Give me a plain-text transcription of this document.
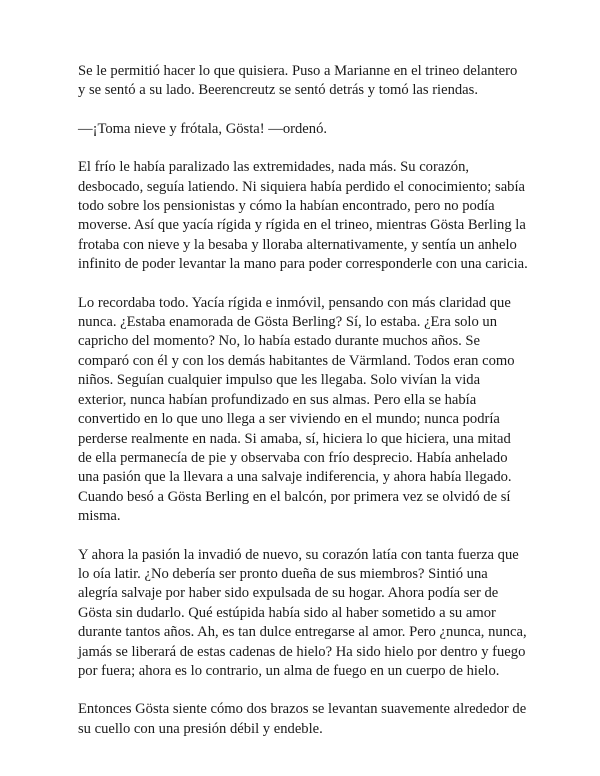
Se le permitió hacer lo que quisiera. Puso a Marianne en el trineo delantero y se sentó a su lado. Beerencreutz se sentó detrás y tomó las riendas.

—¡Toma nieve y frótala, Gösta! —ordenó.

El frío le había paralizado las extremidades, nada más. Su corazón, desbocado, seguía latiendo. Ni siquiera había perdido el conocimiento; sabía todo sobre los pensionistas y cómo la habían encontrado, pero no podía moverse. Así que yacía rígida y rígida en el trineo, mientras Gösta Berling la frotaba con nieve y la besaba y lloraba alternativamente, y sentía un anhelo infinito de poder levantar la mano para poder corresponderle con una caricia.

Lo recordaba todo. Yacía rígida e inmóvil, pensando con más claridad que nunca. ¿Estaba enamorada de Gösta Berling? Sí, lo estaba. ¿Era solo un capricho del momento? No, lo había estado durante muchos años. Se comparó con él y con los demás habitantes de Värmland. Todos eran como niños. Seguían cualquier impulso que les llegaba. Solo vivían la vida exterior, nunca habían profundizado en sus almas. Pero ella se había convertido en lo que uno llega a ser viviendo en el mundo; nunca podría perderse realmente en nada. Si amaba, sí, hiciera lo que hiciera, una mitad de ella permanecía de pie y observaba con frío desprecio. Había anhelado una pasión que la llevara a una salvaje indiferencia, y ahora había llegado. Cuando besó a Gösta Berling en el balcón, por primera vez se olvidó de sí misma.

Y ahora la pasión la invadió de nuevo, su corazón latía con tanta fuerza que lo oía latir. ¿No debería ser pronto dueña de sus miembros? Sintió una alegría salvaje por haber sido expulsada de su hogar. Ahora podía ser de Gösta sin dudarlo. Qué estúpida había sido al haber sometido a su amor durante tantos años. Ah, es tan dulce entregarse al amor. Pero ¿nunca, nunca, jamás se liberará de estas cadenas de hielo? Ha sido hielo por dentro y fuego por fuera; ahora es lo contrario, un alma de fuego en un cuerpo de hielo.

Entonces Gösta siente cómo dos brazos se levantan suavemente alrededor de su cuello con una presión débil y endeble.
